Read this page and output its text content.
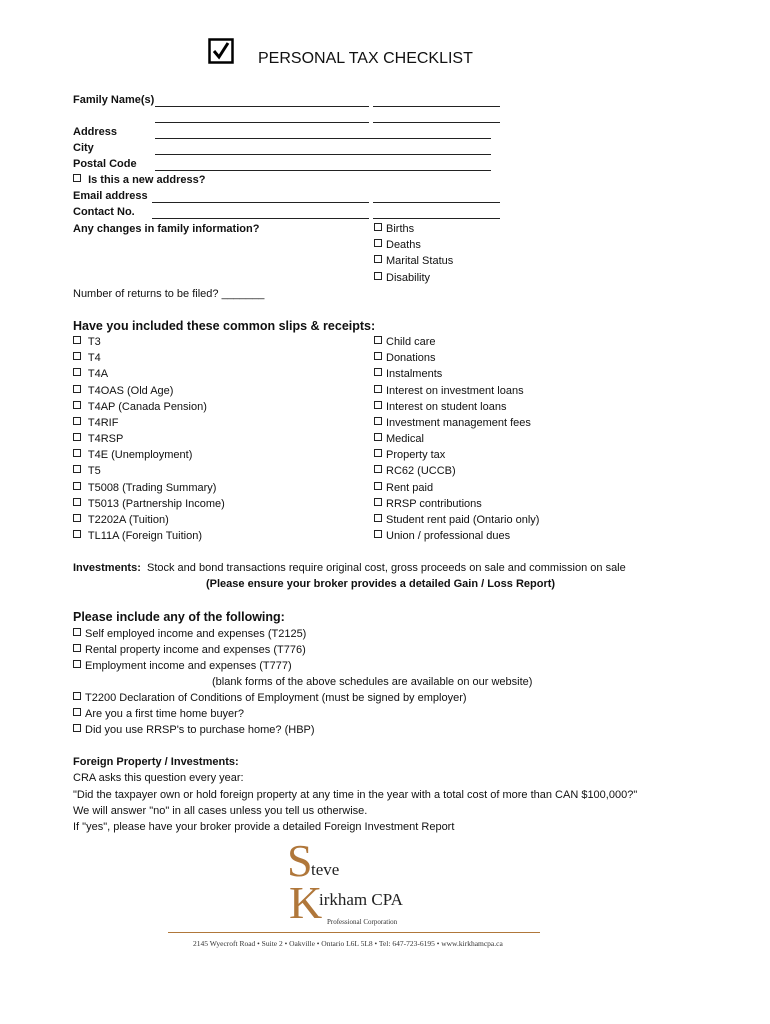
PERSONAL TAX CHECKLIST
Family Name(s)
Address
City
Postal Code
Is this a new address?
Email address
Contact No.
Any changes in family information?	Births
Deaths
Marital Status
Disability
Number of returns to be filed? _______
Have you included these common slips & receipts:
T3
T4
T4A
T4OAS (Old Age)
T4AP (Canada Pension)
T4RIF
T4RSP
T4E (Unemployment)
T5
T5008 (Trading Summary)
T5013 (Partnership Income)
T2202A (Tuition)
TL11A (Foreign Tuition)
Child care
Donations
Instalments
Interest on investment loans
Interest on student loans
Investment management fees
Medical
Property tax
RC62 (UCCB)
Rent paid
RRSP contributions
Student rent paid (Ontario only)
Union / professional dues
Investments: Stock and bond transactions require original cost, gross proceeds on sale and commission on sale
(Please ensure your broker provides a detailed Gain / Loss Report)
Please include any of the following:
Self employed income and expenses (T2125)
Rental property income and expenses (T776)
Employment income and expenses (T777)
(blank forms of the above schedules are available on our website)
T2200 Declaration of Conditions of Employment (must be signed by employer)
Are you a first time home buyer?
Did you use RRSP's to purchase home? (HBP)
Foreign Property / Investments:
CRA asks this question every year:
"Did the taxpayer own or hold foreign property at any time in the year with a total cost of more than CAN $100,000?"
We will answer "no" in all cases unless you tell us otherwise.
If "yes", please have your broker provide a detailed Foreign Investment Report
S
teve
K
irkham CPA
Professional Corporation
2145 Wyecroft Road • Suite 2 • Oakville • Ontario L6L 5L8 • Tel: 647-723-6195 • www.kirkhamcpa.ca
